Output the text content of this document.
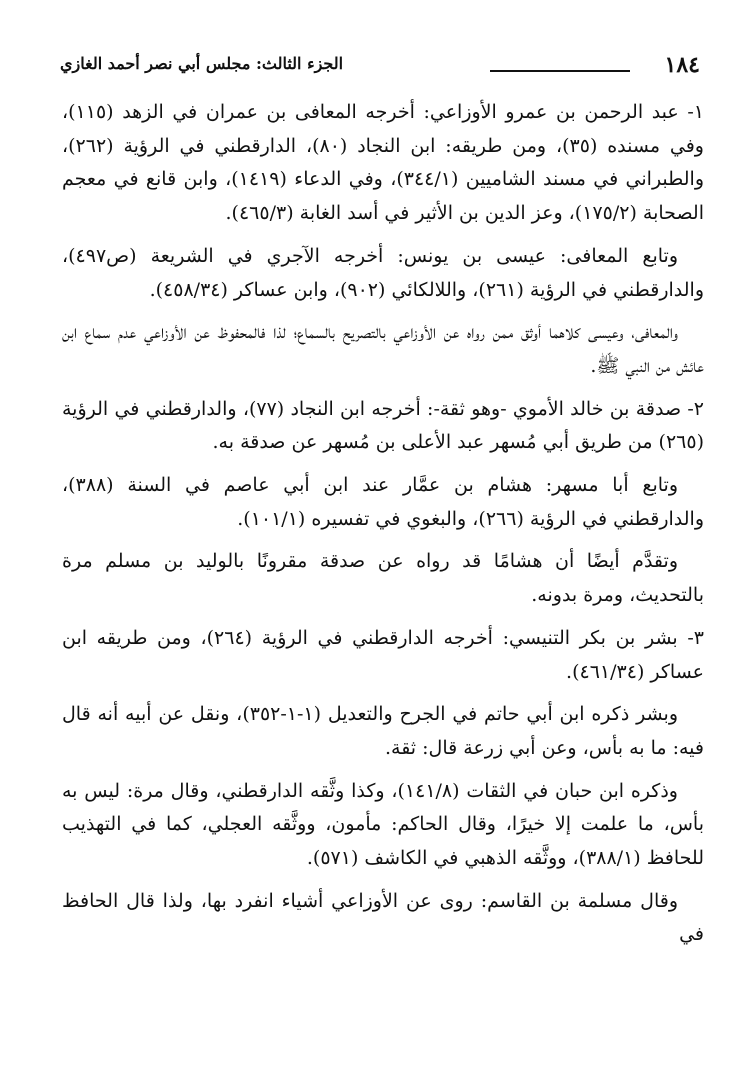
١٨٤
الجزء الثالث: مجلس أبي نصر أحمد الغازي

١- عبد الرحمن بن عمرو الأوزاعي: أخرجه المعافى بن عمران في الزهد (١١٥)، وفي مسنده (٣٥)، ومن طريقه: ابن النجاد (٨٠)، الدارقطني في الرؤية (٢٦٢)، والطبراني في مسند الشاميين (٣٤٤/١)، وفي الدعاء (١٤١٩)، وابن قانع في معجم الصحابة (١٧٥/٢)، وعز الدين بن الأثير في أسد الغابة (٤٦٥/٣).

وتابع المعافى: عيسى بن يونس: أخرجه الآجري في الشريعة (ص٤٩٧)، والدارقطني في الرؤية (٢٦١)، واللالكائي (٩٠٢)، وابن عساكر (٤٥٨/٣٤).

والمعافى، وعيسى كلاهما أوثق ممن رواه عن الأوزاعي بالتصريح بالسماع؛ لذا فالمحفوظ عن الأوزاعي عدم سماع ابن عائش من النبي ﷺ.

٢- صدقة بن خالد الأموي -وهو ثقة-: أخرجه ابن النجاد (٧٧)، والدارقطني في الرؤية (٢٦٥) من طريق أبي مُسهر عبد الأعلى بن مُسهر عن صدقة به.

وتابع أبا مسهر: هشام بن عمَّار عند ابن أبي عاصم في السنة (٣٨٨)، والدارقطني في الرؤية (٢٦٦)، والبغوي في تفسيره (١٠١/١).

وتقدَّم أيضًا أن هشامًا قد رواه عن صدقة مقرونًا بالوليد بن مسلم مرة بالتحديث، ومرة بدونه.

٣- بشر بن بكر التنيسي: أخرجه الدارقطني في الرؤية (٢٦٤)، ومن طريقه ابن عساكر (٤٦١/٣٤).

وبشر ذكره ابن أبي حاتم في الجرح والتعديل (١-١-٣٥٢)، ونقل عن أبيه أنه قال فيه: ما به بأس، وعن أبي زرعة قال: ثقة.

وذكره ابن حبان في الثقات (١٤١/٨)، وكذا وثَّقه الدارقطني، وقال مرة: ليس به بأس، ما علمت إلا خيرًا، وقال الحاكم: مأمون، ووثَّقه العجلي، كما في التهذيب للحافظ (٣٨٨/١)، ووثَّقه الذهبي في الكاشف (٥٧١).

وقال مسلمة بن القاسم: روى عن الأوزاعي أشياء انفرد بها، ولذا قال الحافظ في
